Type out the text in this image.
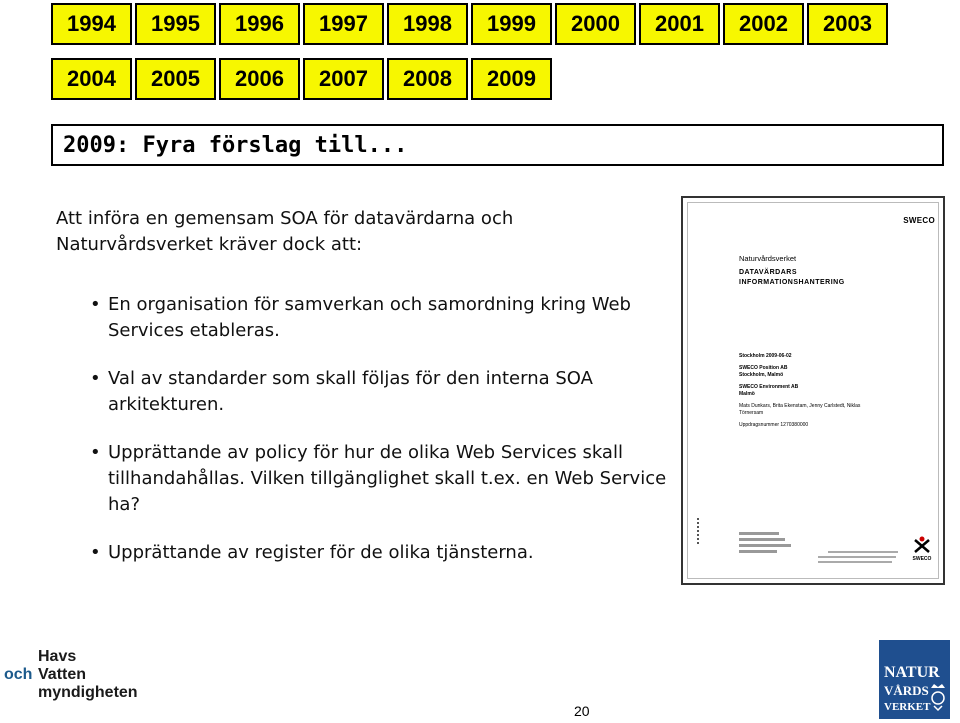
1994	1995	1996	1997	1998	1999	2000	2001	2002	2003
2004	2005	2006	2007	2008	2009
2009: Fyra förslag till...

Att införa en gemensam SOA för datavärdarna och Naturvårdsverket kräver dock att:

• En organisation för samverkan och samordning kring Web Services etableras.
• Val av standarder som skall följas för den interna SOA arkitekturen.
• Upprättande av policy för hur de olika Web Services skall tillhandahållas. Vilken tillgänglighet skall t.ex. en Web Service ha?
• Upprättande av register för de olika tjänsterna.
SWECO
Naturvårdsverket
DATAVÄRDARS
INFORMATIONSHANTERING
Stockholm 2009-06-02
SWECO Position AB
Stockholm, Malmö
SWECO Environment AB
Malmö
Mats Dunkars, Brita Ekenstam, Jenny Carlstedt, Niklas Törnersam
Uppdragsnummer 1270380000
SWECO
Havs
och Vatten
myndigheten
20
NATUR
VÅRDS
VERKET
